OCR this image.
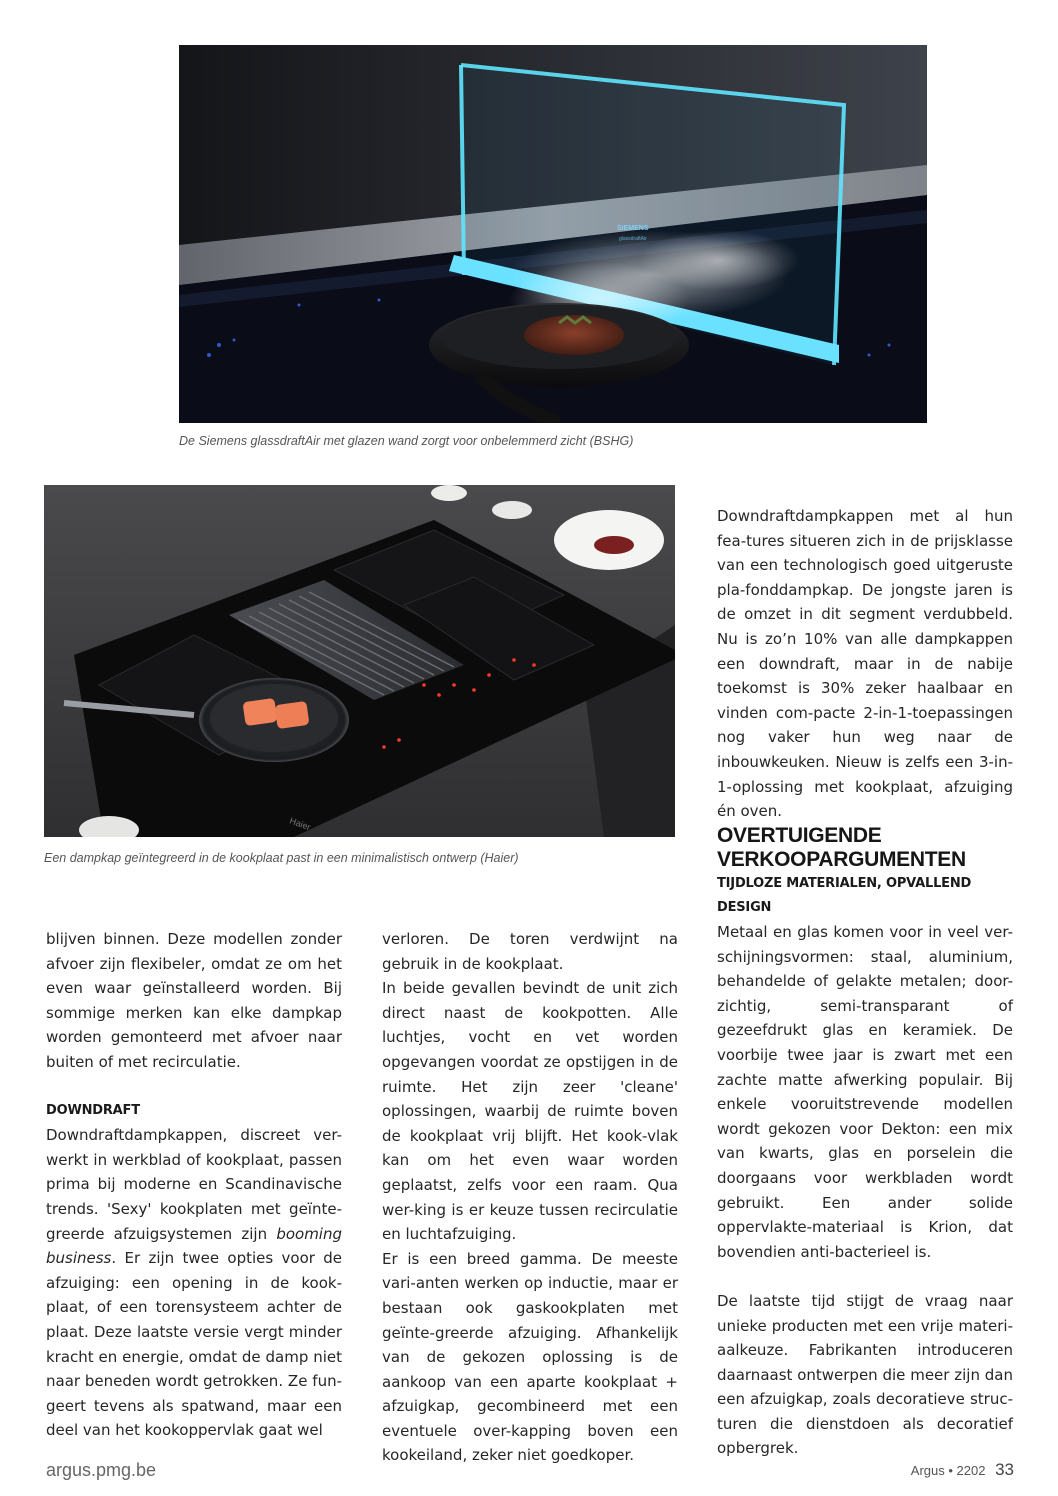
SIEMENS
glassdraftAir
De Siemens glassdraftAir met glazen wand zorgt voor onbelemmerd zicht (BSHG)
Haier
Een dampkap geïntegreerd in de kookplaat past in een minimalistisch ontwerp (Haier)

Downdraftdampkappen met al hun fea-tures situeren zich in de prijsklasse van een technologisch goed uitgeruste pla-fonddampkap. De jongste jaren is de omzet in dit segment verdubbeld. Nu is zo’n 10% van alle dampkappen een downdraft, maar in de nabije toekomst is 30% zeker haalbaar en vinden com-pacte 2-in-1-toepassingen nog vaker hun weg naar de inbouwkeuken. Nieuw is zelfs een 3-in-1-oplossing met kookplaat, afzuiging én oven.

OVERTUIGENDE

VERKOOPARGUMENTEN

TIJDLOZE MATERIALEN, OPVALLEND

DESIGN

Metaal en glas komen voor in veel ver-schijningsvormen: staal, aluminium, behandelde of gelakte metalen; door-zichtig, semi-transparant of gezeefdrukt glas en keramiek. De voorbije twee jaar is zwart met een zachte matte afwerking populair. Bij enkele vooruitstrevende modellen wordt gekozen voor Dekton: een mix van kwarts, glas en porselein die doorgaans voor werkbladen wordt gebruikt. Een ander solide oppervlakte-materiaal is Krion, dat bovendien anti-bacterieel is.

De laatste tijd stijgt de vraag naar unieke producten met een vrije materi-aalkeuze. Fabrikanten introduceren daarnaast ontwerpen die meer zijn dan een afzuigkap, zoals decoratieve struc-turen die dienstdoen als decoratief opbergrek.

blijven binnen. Deze modellen zonder afvoer zijn flexibeler, omdat ze om het even waar geïnstalleerd worden. Bij sommige merken kan elke dampkap worden gemonteerd met afvoer naar buiten of met recirculatie.

DOWNDRAFT

Downdraftdampkappen, discreet ver-werkt in werkblad of kookplaat, passen prima bij moderne en Scandinavische trends. 'Sexy' kookplaten met geïnte-greerde afzuigsystemen zijn booming business. Er zijn twee opties voor de afzuiging: een opening in de kook-plaat, of een torensysteem achter de plaat. Deze laatste versie vergt minder kracht en energie, omdat de damp niet naar beneden wordt getrokken. Ze fun-geert tevens als spatwand, maar een deel van het kookoppervlak gaat wel

verloren. De toren verdwijnt na gebruik in de kookplaat.

In beide gevallen bevindt de unit zich direct naast de kookpotten. Alle luchtjes, vocht en vet worden opgevangen voordat ze opstijgen in de ruimte. Het zijn zeer 'cleane' oplossingen, waarbij de ruimte boven de kookplaat vrij blijft. Het kook-vlak kan om het even waar worden geplaatst, zelfs voor een raam. Qua wer-king is er keuze tussen recirculatie en luchtafzuiging.

Er is een breed gamma. De meeste vari-anten werken op inductie, maar er bestaan ook gaskookplaten met geïnte-greerde afzuiging. Afhankelijk van de gekozen oplossing is de aankoop van een aparte kookplaat + afzuigkap, gecombineerd met een eventuele over-kapping boven een kookeiland, zeker niet goedkoper.

argus.pmg.be	Argus • 2202 33
